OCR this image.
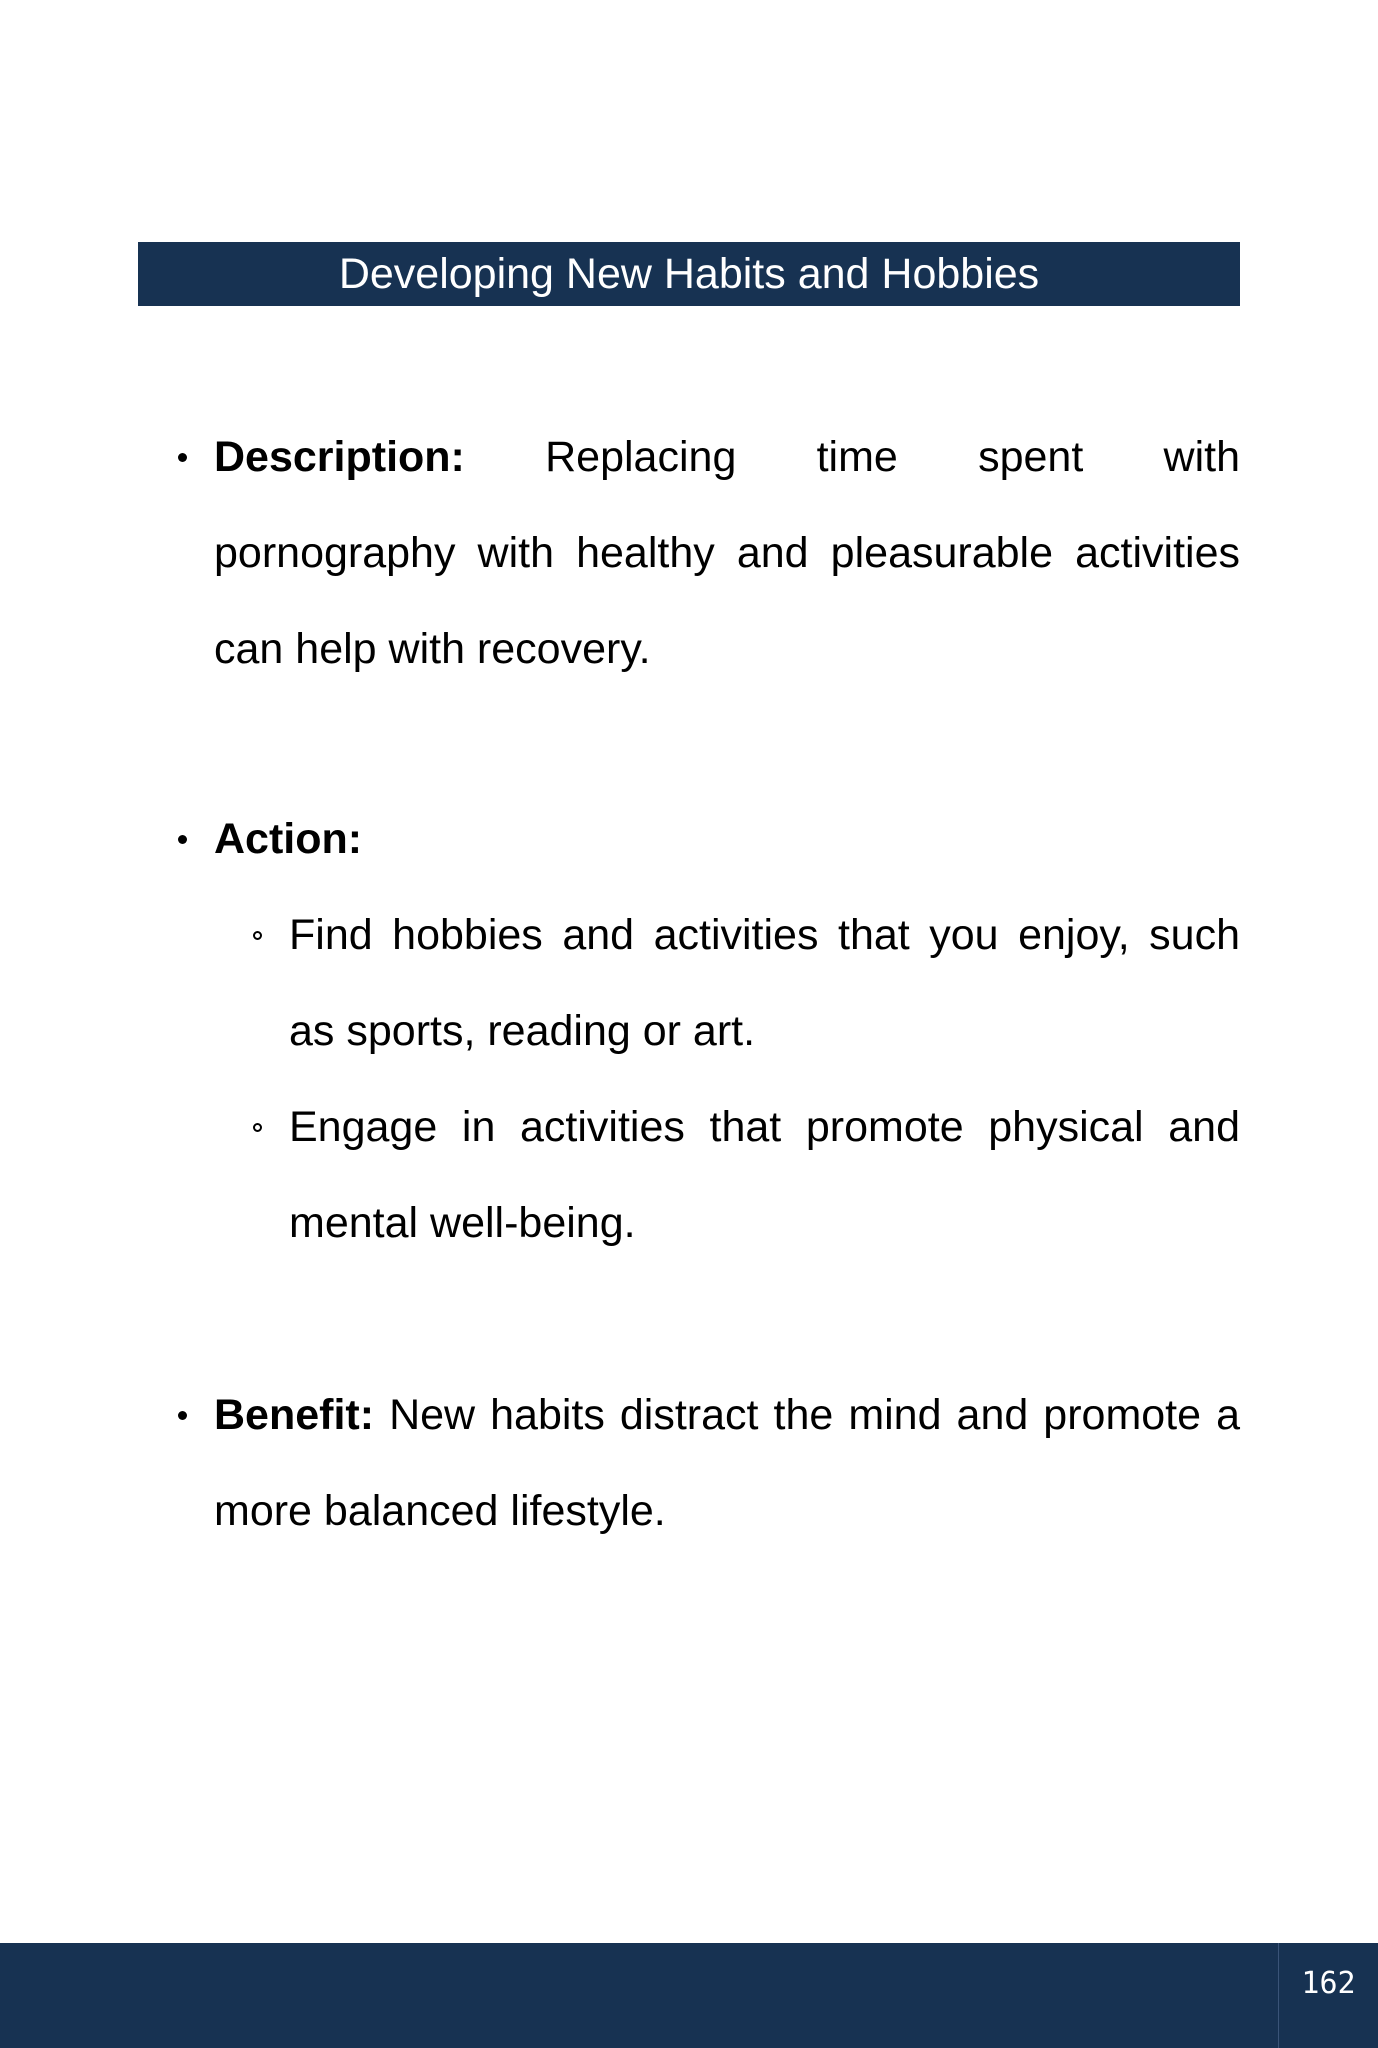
Developing New Habits and Hobbies

Description: Replacing time spent with

pornography with healthy and pleasurable activities can help with recovery.

Action:

Find hobbies and activities that you enjoy, such as sports, reading or art.

Engage in activities that promote physical and mental well-being.

Benefit: New habits distract the mind and promote a more balanced lifestyle.

162
